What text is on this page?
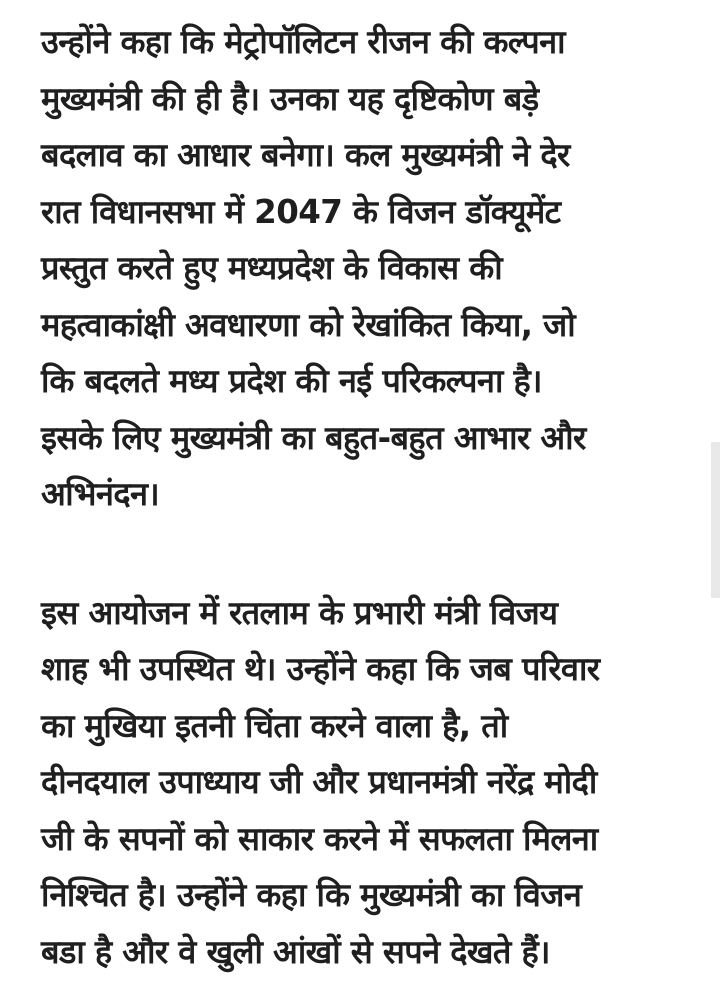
उन्होंने कहा कि मेट्रोपॉलिटन रीजन की कल्पना
मुख्यमंत्री की ही है। उनका यह दृष्टिकोण बड़े
बदलाव का आधार बनेगा। कल मुख्यमंत्री ने देर
रात विधानसभा में 2047 के विजन डॉक्यूमेंट
प्रस्तुत करते हुए मध्यप्रदेश के विकास की
महत्वाकांक्षी अवधारणा को रेखांकित किया, जो
कि बदलते मध्य प्रदेश की नई परिकल्पना है।
इसके लिए मुख्यमंत्री का बहुत-बहुत आभार और
अभिनंदन।
इस आयोजन में रतलाम के प्रभारी मंत्री विजय
शाह भी उपस्थित थे। उन्होंने कहा कि जब परिवार
का मुखिया इतनी चिंता करने वाला है, तो
दीनदयाल उपाध्याय जी और प्रधानमंत्री नरेंद्र मोदी
जी के सपनों को साकार करने में सफलता मिलना
निश्चित है। उन्होंने कहा कि मुख्यमंत्री का विजन
बडा है और वे खुली आंखों से सपने देखते हैं।
